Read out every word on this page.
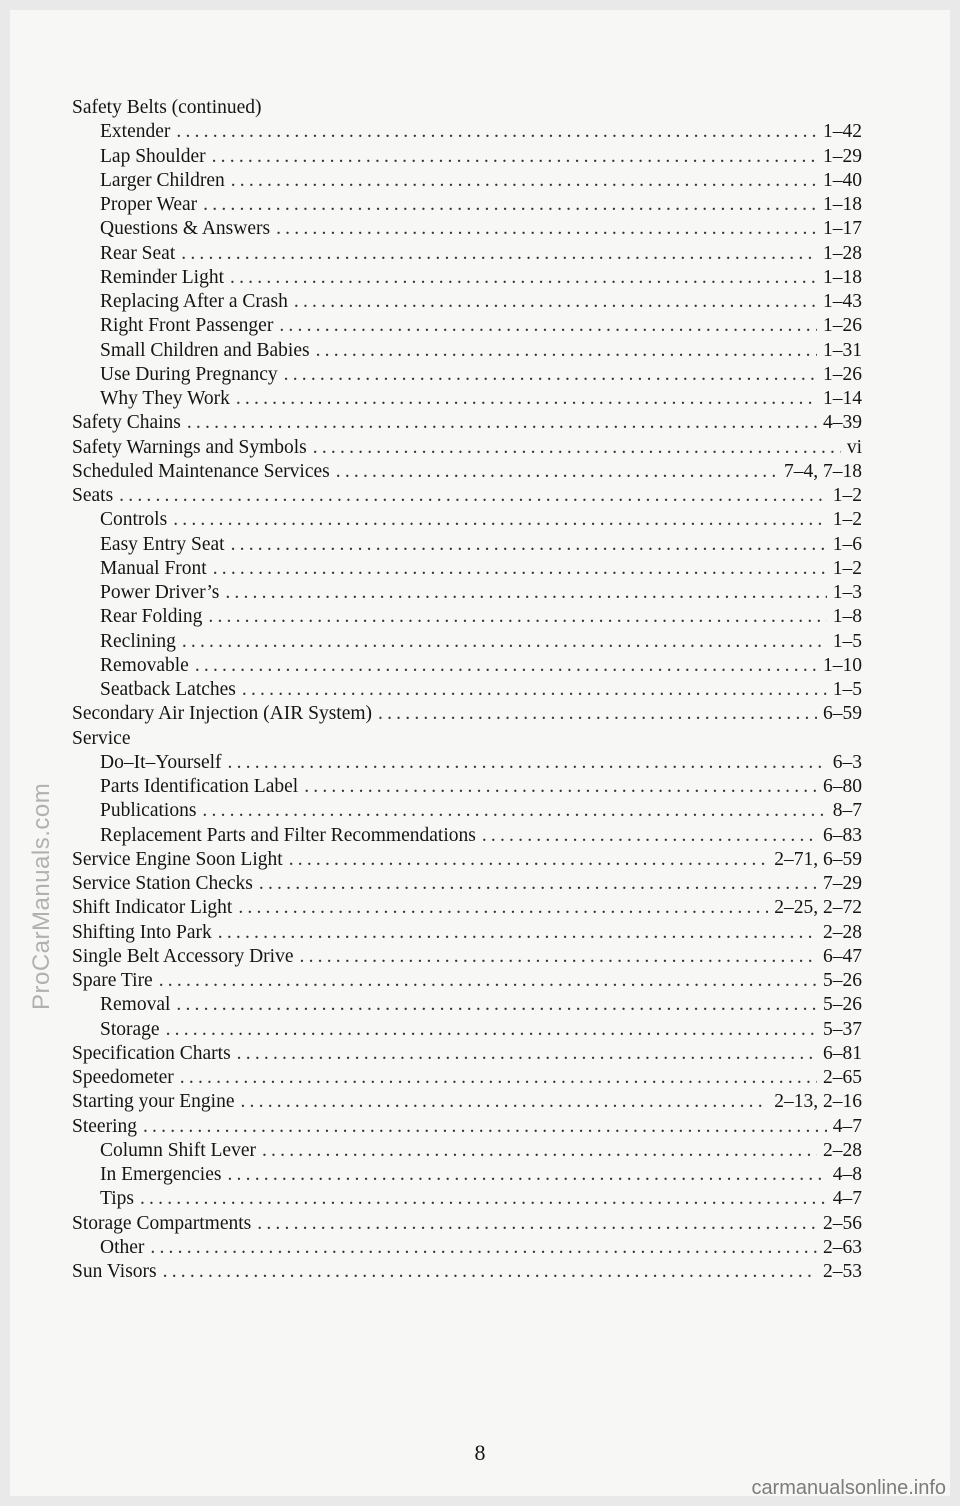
Safety Belts (continued)
Extender .....	1–42
Lap Shoulder .....	1–29
Larger Children .....	1–40
Proper Wear .....	1–18
Questions & Answers .....	1–17
Rear Seat .....	1–28
Reminder Light .....	1–18
Replacing After a Crash .....	1–43
Right Front Passenger .....	1–26
Small Children and Babies .....	1–31
Use During Pregnancy .....	1–26
Why They Work .....	1–14
Safety Chains .....	4–39
Safety Warnings and Symbols .....	vi
Scheduled Maintenance Services .....	7–4, 7–18
Seats .....	1–2
Controls .....	1–2
Easy Entry Seat .....	1–6
Manual Front .....	1–2
Power Driver’s .....	1–3
Rear Folding .....	1–8
Reclining .....	1–5
Removable .....	1–10
Seatback Latches .....	1–5
Secondary Air Injection (AIR System) .....	6–59
Service
Do–It–Yourself .....	6–3
Parts Identification Label .....	6–80
Publications .....	8–7
Replacement Parts and Filter Recommendations .....	6–83
Service Engine Soon Light .....	2–71, 6–59
Service Station Checks .....	7–29
Shift Indicator Light .....	2–25, 2–72
Shifting Into Park .....	2–28
Single Belt Accessory Drive .....	6–47
Spare Tire .....	5–26
Removal .....	5–26
Storage .....	5–37
Specification Charts .....	6–81
Speedometer .....	2–65
Starting your Engine .....	2–13, 2–16
Steering .....	4–7
Column Shift Lever .....	2–28
In Emergencies .....	4–8
Tips .....	4–7
Storage Compartments .....	2–56
Other .....	2–63
Sun Visors .....	2–53
8
ProCarManuals.com
carmanualsonline.info
